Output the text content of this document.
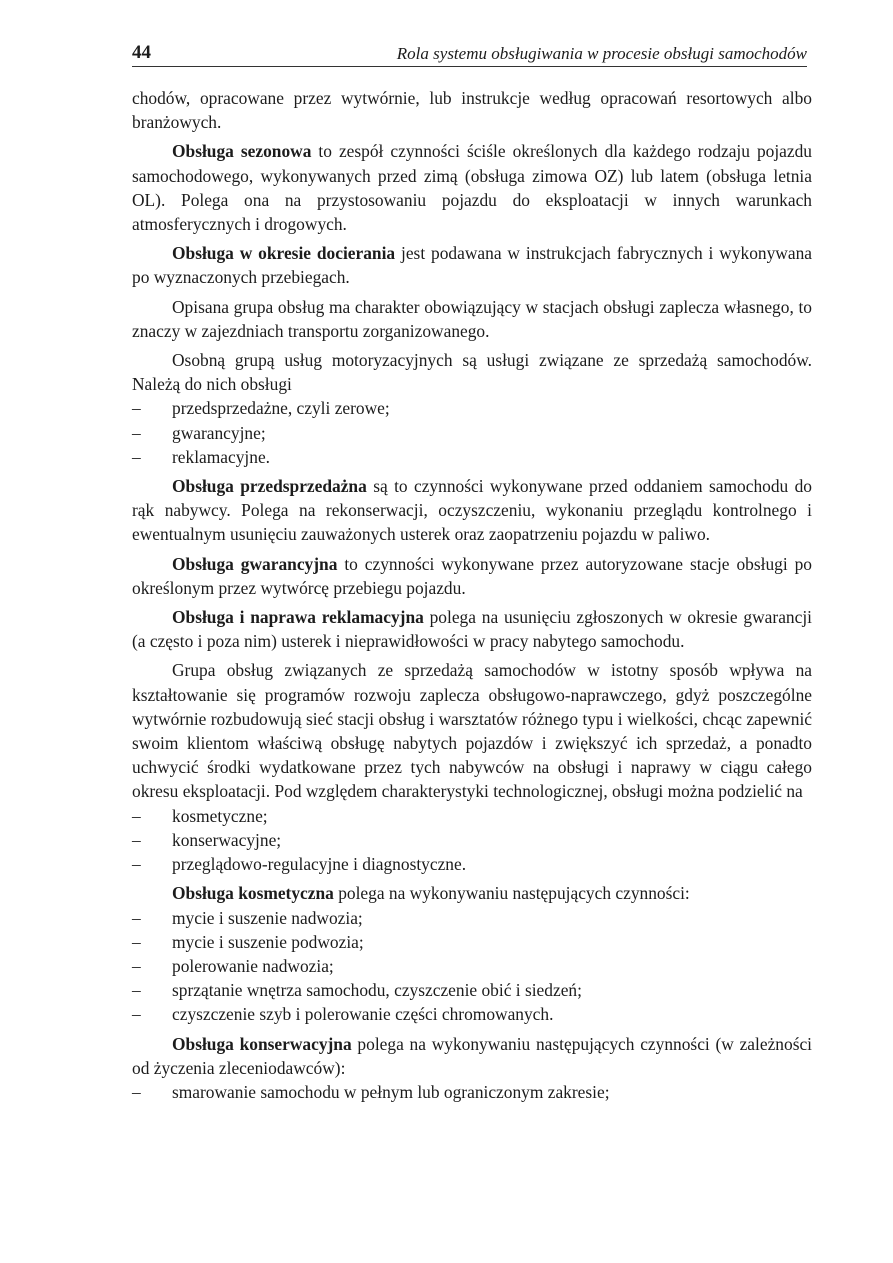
44	Rola systemu obsługiwania w procesie obsługi samochodów

chodów, opracowane przez wytwórnie, lub instrukcje według opracowań resortowych albo branżowych.

Obsługa sezonowa to zespół czynności ściśle określonych dla każdego rodzaju pojazdu samochodowego, wykonywanych przed zimą (obsługa zimowa OZ) lub latem (obsługa letnia OL). Polega ona na przystosowaniu pojazdu do eksploatacji w innych warunkach atmosferycznych i drogowych.

Obsługa w okresie docierania jest podawana w instrukcjach fabrycznych i wykonywana po wyznaczonych przebiegach.

Opisana grupa obsług ma charakter obowiązujący w stacjach obsługi zaplecza własnego, to znaczy w zajezdniach transportu zorganizowanego.

Osobną grupą usług motoryzacyjnych są usługi związane ze sprzedażą samochodów. Należą do nich obsługi

– przedsprzedażne, czyli zerowe;
– gwarancyjne;
– reklamacyjne.

Obsługa przedsprzedażna są to czynności wykonywane przed oddaniem samochodu do rąk nabywcy. Polega na rekonserwacji, oczyszczeniu, wykonaniu przeglądu kontrolnego i ewentualnym usunięciu zauważonych usterek oraz zaopatrzeniu pojazdu w paliwo.

Obsługa gwarancyjna to czynności wykonywane przez autoryzowane stacje obsługi po określonym przez wytwórcę przebiegu pojazdu.

Obsługa i naprawa reklamacyjna polega na usunięciu zgłoszonych w okresie gwarancji (a często i poza nim) usterek i nieprawidłowości w pracy nabytego samochodu.

Grupa obsług związanych ze sprzedażą samochodów w istotny sposób wpływa na kształtowanie się programów rozwoju zaplecza obsługowo-naprawczego, gdyż poszczególne wytwórnie rozbudowują sieć stacji obsług i warsztatów różnego typu i wielkości, chcąc zapewnić swoim klientom właściwą obsługę nabytych pojazdów i zwiększyć ich sprzedaż, a ponadto uchwycić środki wydatkowane przez tych nabywców na obsługi i naprawy w ciągu całego okresu eksploatacji. Pod względem charakterystyki technologicznej, obsługi można podzielić na

– kosmetyczne;
– konserwacyjne;
– przeglądowo-regulacyjne i diagnostyczne.

Obsługa kosmetyczna polega na wykonywaniu następujących czynności:

– mycie i suszenie nadwozia;
– mycie i suszenie podwozia;
– polerowanie nadwozia;
– sprzątanie wnętrza samochodu, czyszczenie obić i siedzeń;
– czyszczenie szyb i polerowanie części chromowanych.

Obsługa konserwacyjna polega na wykonywaniu następujących czynności (w zależności od życzenia zleceniodawców):

– smarowanie samochodu w pełnym lub ograniczonym zakresie;
